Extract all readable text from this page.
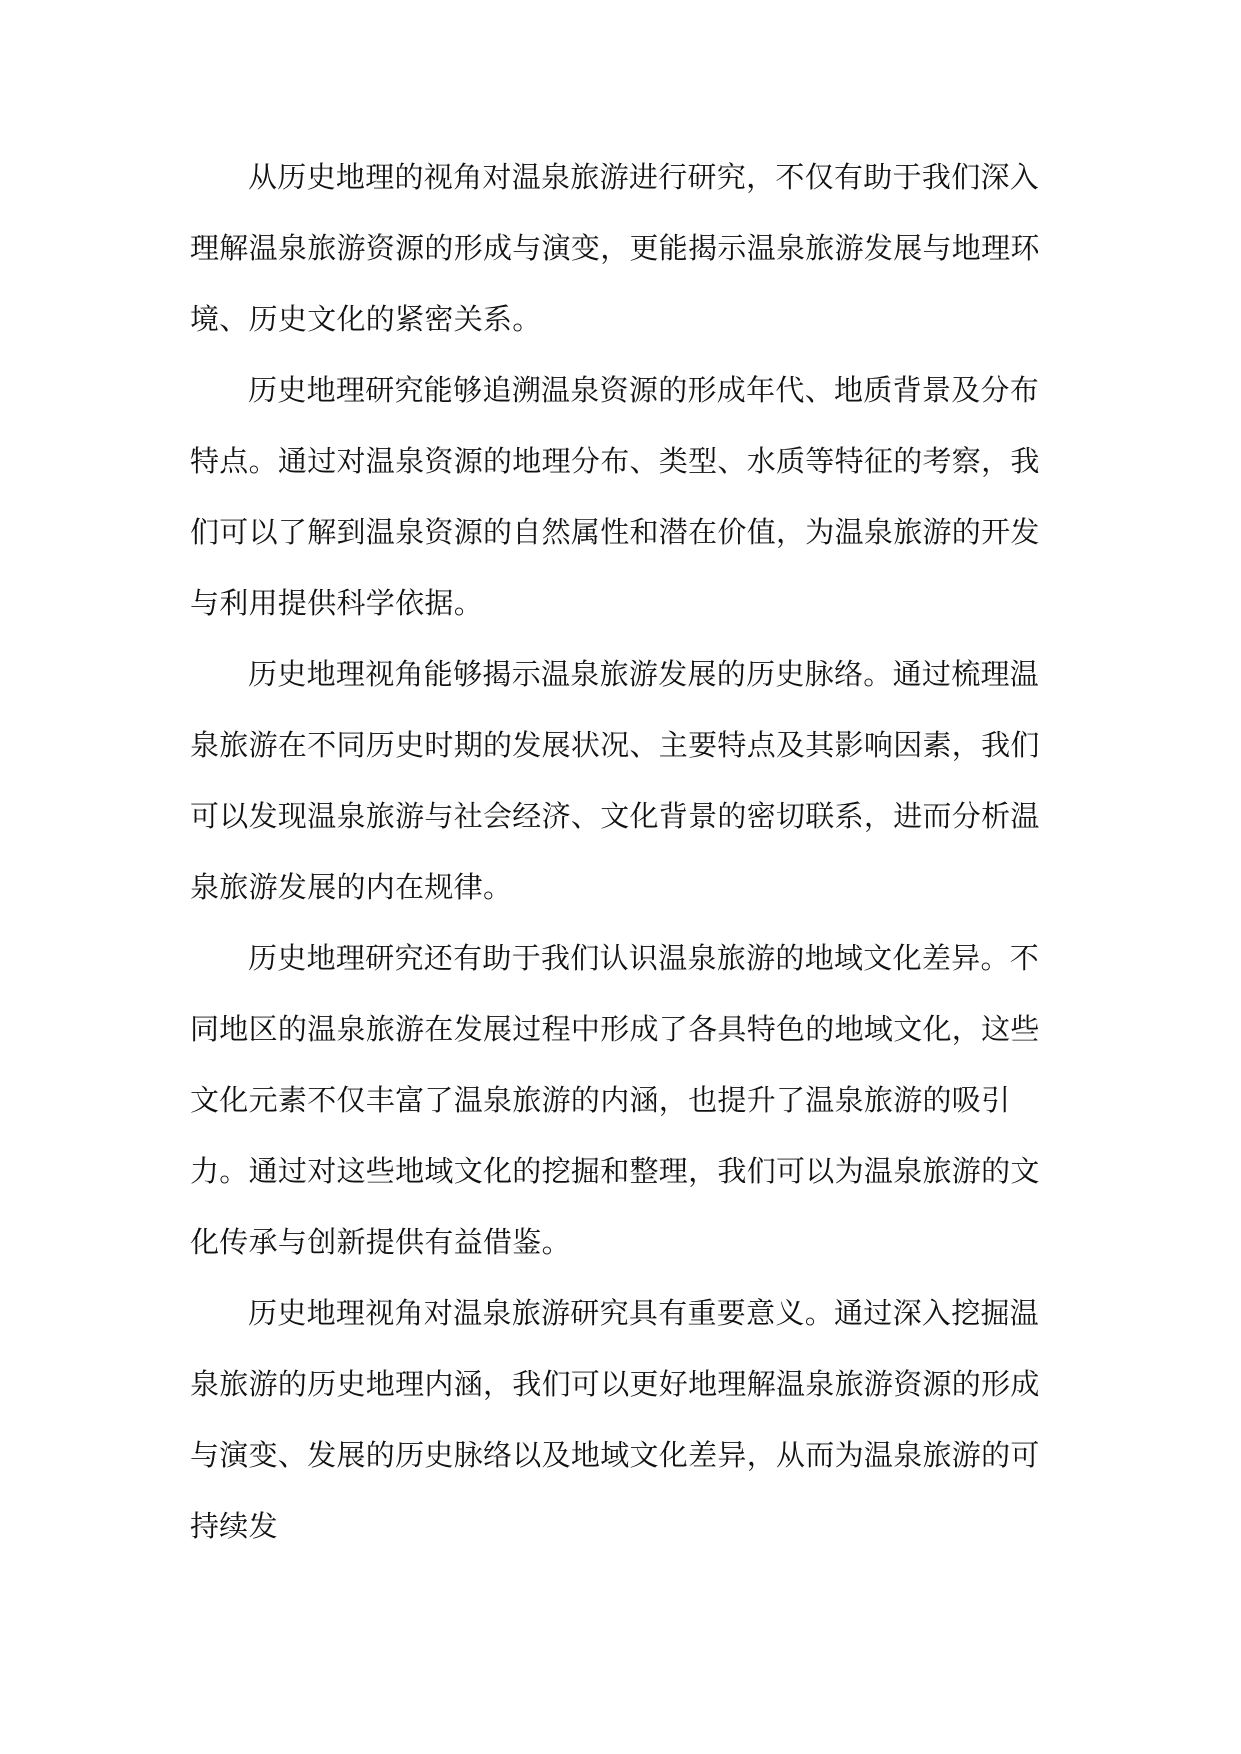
从历史地理的视角对温泉旅游进行研究，不仅有助于我们深入理解温泉旅游资源的形成与演变，更能揭示温泉旅游发展与地理环境、历史文化的紧密关系。

历史地理研究能够追溯温泉资源的形成年代、地质背景及分布特点。通过对温泉资源的地理分布、类型、水质等特征的考察，我们可以了解到温泉资源的自然属性和潜在价值，为温泉旅游的开发与利用提供科学依据。

历史地理视角能够揭示温泉旅游发展的历史脉络。通过梳理温泉旅游在不同历史时期的发展状况、主要特点及其影响因素，我们可以发现温泉旅游与社会经济、文化背景的密切联系，进而分析温泉旅游发展的内在规律。

历史地理研究还有助于我们认识温泉旅游的地域文化差异。不同地区的温泉旅游在发展过程中形成了各具特色的地域文化，这些文化元素不仅丰富了温泉旅游的内涵，也提升了温泉旅游的吸引力。通过对这些地域文化的挖掘和整理，我们可以为温泉旅游的文化传承与创新提供有益借鉴。

历史地理视角对温泉旅游研究具有重要意义。通过深入挖掘温泉旅游的历史地理内涵，我们可以更好地理解温泉旅游资源的形成与演变、发展的历史脉络以及地域文化差异，从而为温泉旅游的可持续发
